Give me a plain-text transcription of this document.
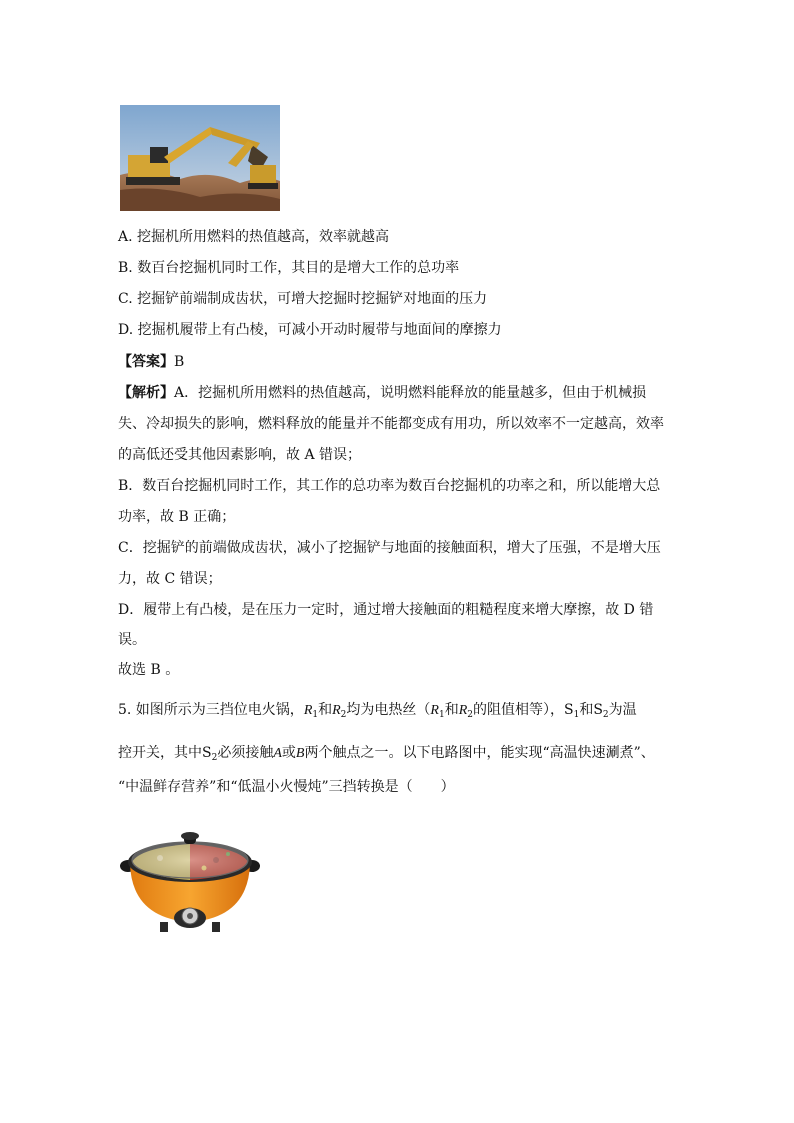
A. 挖掘机所用燃料的热值越高，效率就越高
B. 数百台挖掘机同时工作，其目的是增大工作的总功率
C. 挖掘铲前端制成齿状，可增大挖掘时挖掘铲对地面的压力
D. 挖掘机履带上有凸棱，可减小开动时履带与地面间的摩擦力
【答案】B
【解析】A．挖掘机所用燃料的热值越高，说明燃料能释放的能量越多，但由于机械损
失、冷却损失的影响，燃料释放的能量并不能都变成有用功，所以效率不一定越高，效率
的高低还受其他因素影响，故 A 错误；
B．数百台挖掘机同时工作，其工作的总功率为数百台挖掘机的功率之和，所以能增大总
功率，故 B 正确；
C．挖掘铲的前端做成齿状，减小了挖掘铲与地面的接触面积，增大了压强，不是增大压
力，故 C 错误；
D．履带上有凸棱，是在压力一定时，通过增大接触面的粗糙程度来增大摩擦，故 D 错
误。
故选 B 。
5. 如图所示为三挡位电火锅，$R_1$和$R_2$均为电热丝（$R_1$和$R_2$的阻值相等），$S_1$和$S_2$为温
控开关，其中$S_2$必须接触A或B两个触点之一。以下电路图中，能实现“高温快速涮煮”、
“中温鲜存营养”和“低温小火慢炖”三挡转换是（　　）
